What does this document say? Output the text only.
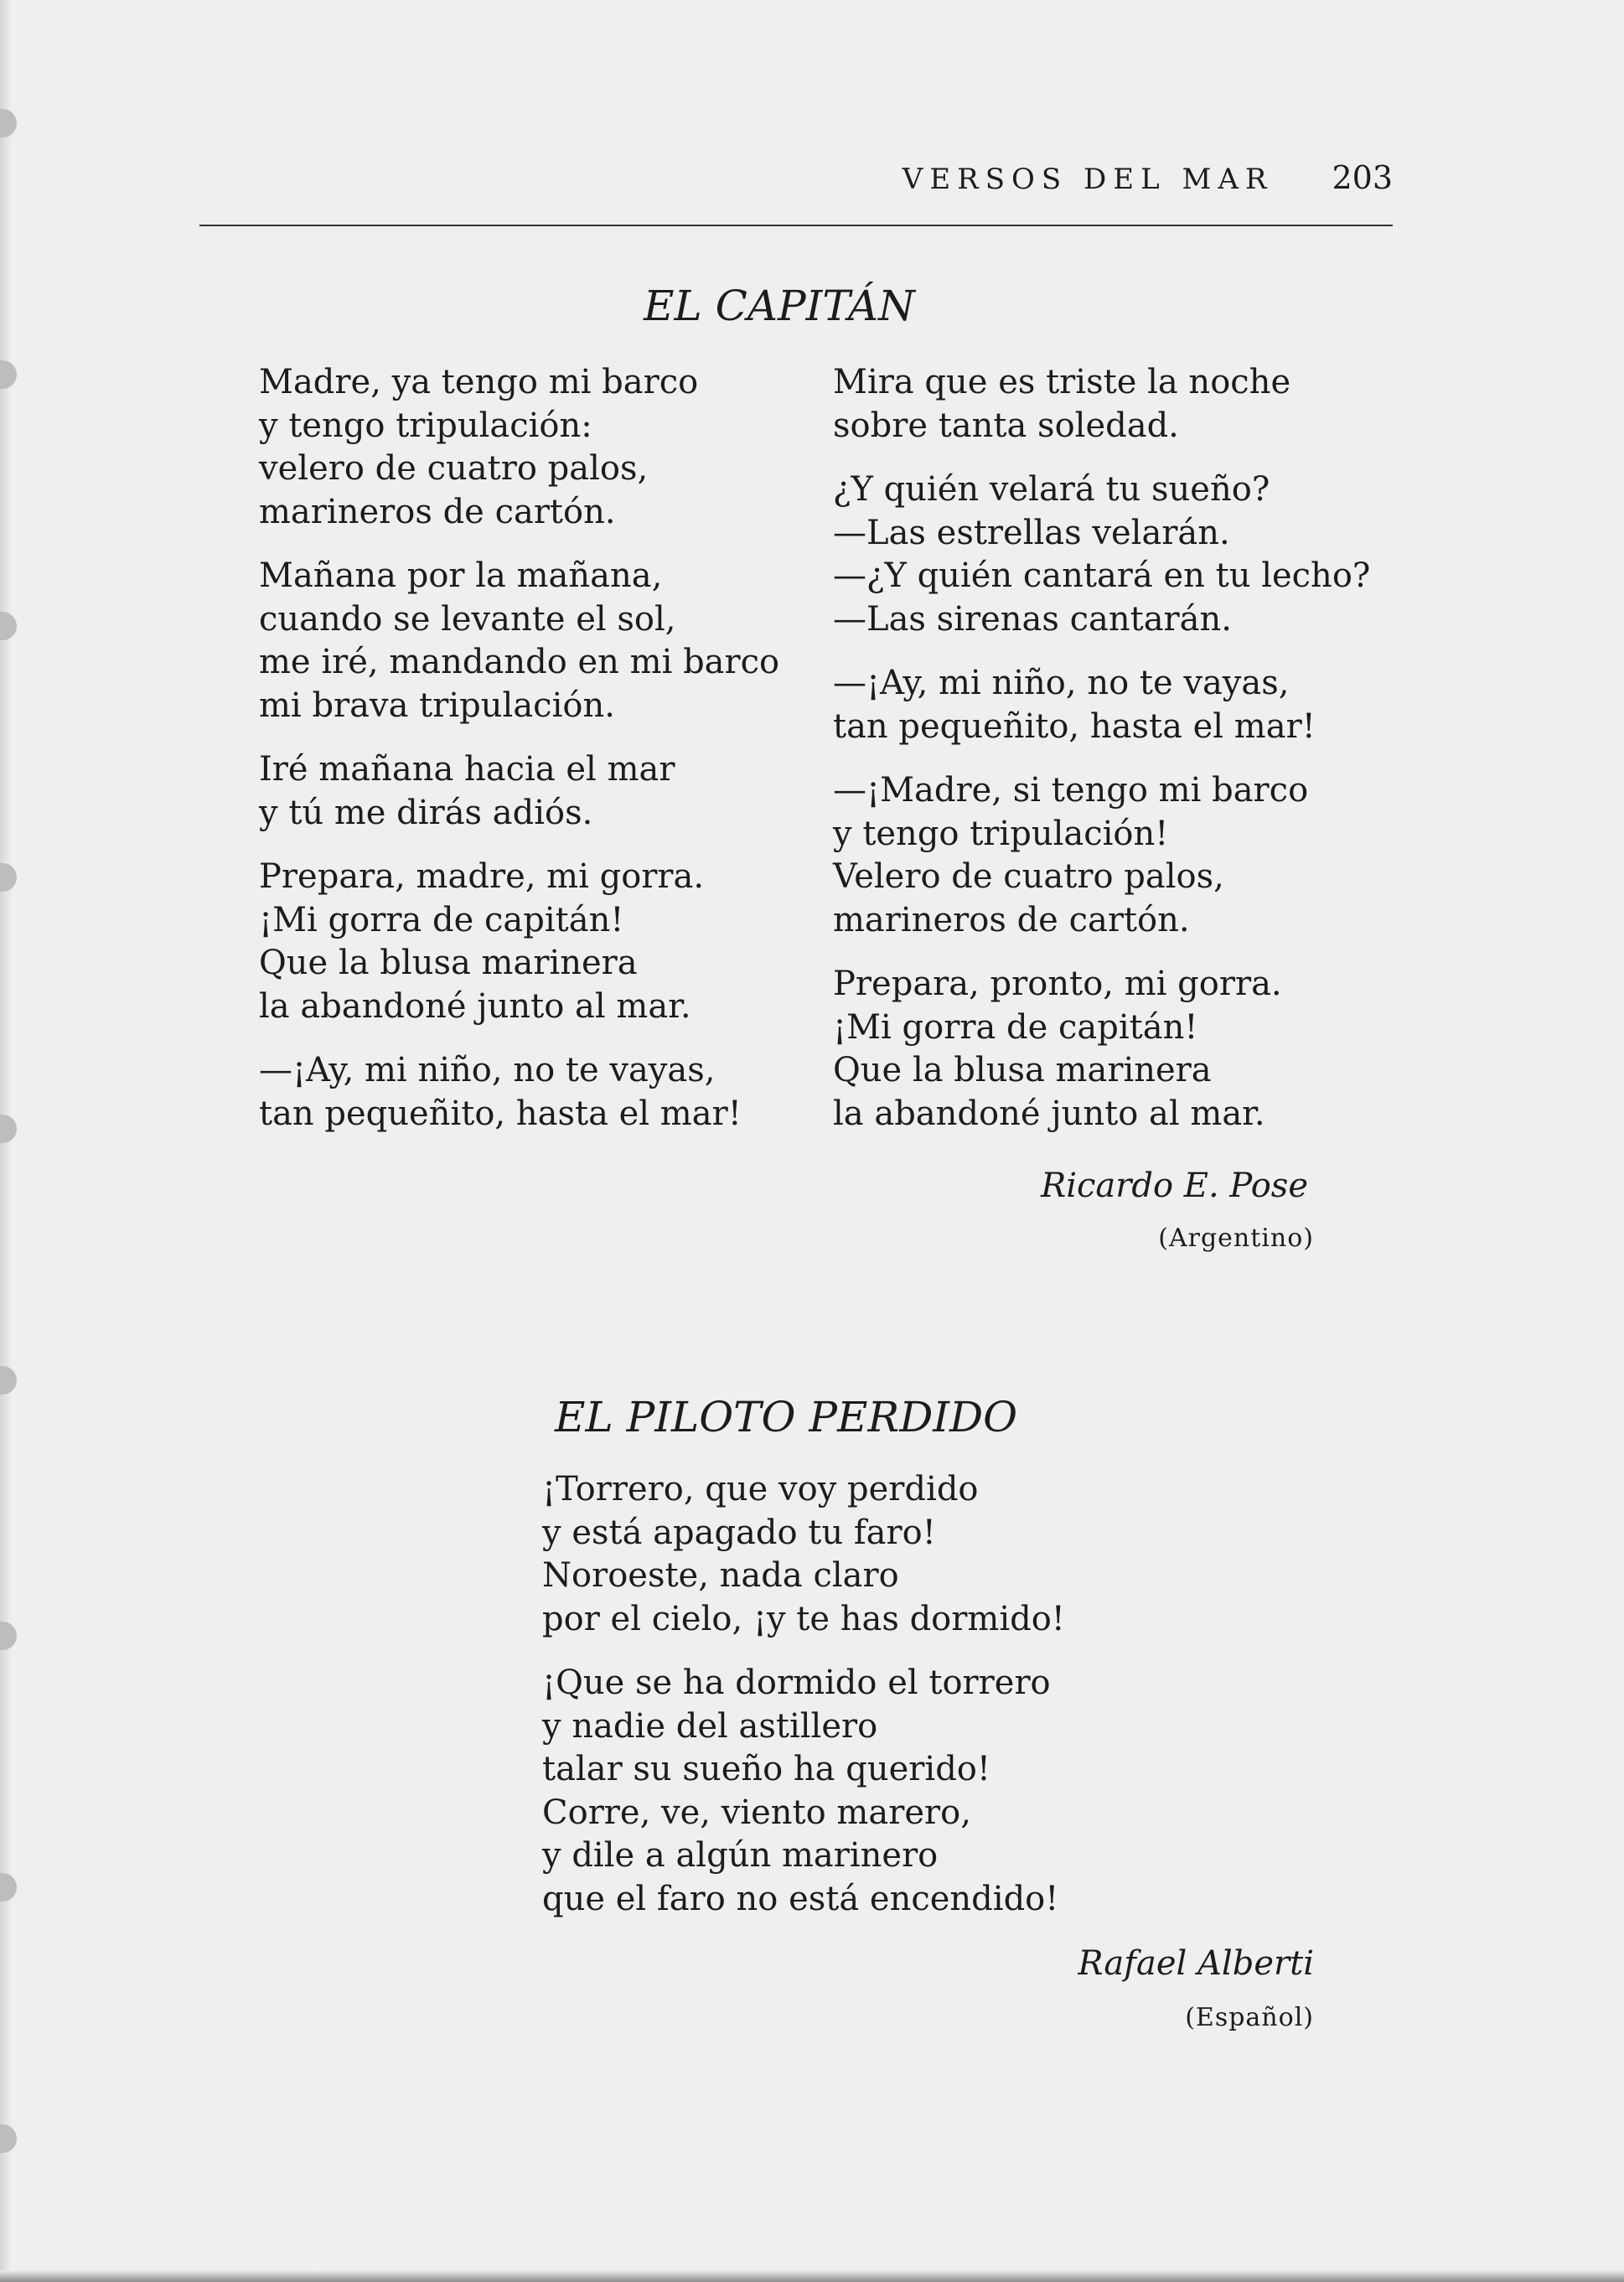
VERSOS DEL MAR 203
EL CAPITÁN
Madre, ya tengo mi barco
y tengo tripulación:
velero de cuatro palos,
marineros de cartón.
Mañana por la mañana,
cuando se levante el sol,
me iré, mandando en mi barco
mi brava tripulación.
Iré mañana hacia el mar
y tú me dirás adiós.
Prepara, madre, mi gorra.
¡Mi gorra de capitán!
Que la blusa marinera
la abandoné junto al mar.
—¡Ay, mi niño, no te vayas,
tan pequeñito, hasta el mar!
Mira que es triste la noche
sobre tanta soledad.
¿Y quién velará tu sueño?
—Las estrellas velarán.
—¿Y quién cantará en tu lecho?
—Las sirenas cantarán.
—¡Ay, mi niño, no te vayas,
tan pequeñito, hasta el mar!
—¡Madre, si tengo mi barco
y tengo tripulación!
Velero de cuatro palos,
marineros de cartón.
Prepara, pronto, mi gorra.
¡Mi gorra de capitán!
Que la blusa marinera
la abandoné junto al mar.
Ricardo E. Pose
(Argentino)
EL PILOTO PERDIDO
¡Torrero, que voy perdido
y está apagado tu faro!
Noroeste, nada claro
por el cielo, ¡y te has dormido!
¡Que se ha dormido el torrero
y nadie del astillero
talar su sueño ha querido!
Corre, ve, viento marero,
y dile a algún marinero
que el faro no está encendido!
Rafael Alberti
(Español)
